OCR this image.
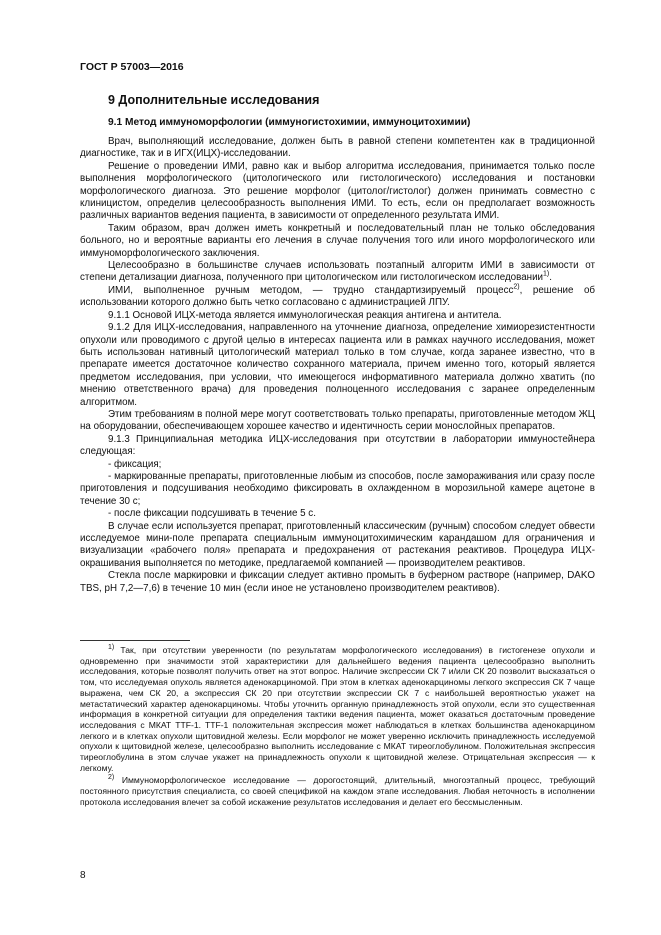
ГОСТ Р 57003—2016
9 Дополнительные исследования
9.1 Метод иммуноморфологии (иммуногистохимии, иммуноцитохимии)

Врач, выполняющий исследование, должен быть в равной степени компетентен как в традиционной диагностике, так и в ИГХ(ИЦХ)-исследовании.

Решение о проведении ИМИ, равно как и выбор алгоритма исследования, принимается только после выполнения морфологического (цитологического или гистологического) исследования и постановки морфологического диагноза. Это решение морфолог (цитолог/гистолог) должен принимать совместно с клиницистом, определив целесообразность выполнения ИМИ. То есть, если он предполагает возможность различных вариантов ведения пациента, в зависимости от определенного результата ИМИ.

Таким образом, врач должен иметь конкретный и последовательный план не только обследования больного, но и вероятные варианты его лечения в случае получения того или иного морфологического или иммуноморфологического заключения.

Целесообразно в большинстве случаев использовать поэтапный алгоритм ИМИ в зависимости от степени детализации диагноза, полученного при цитологическом или гистологическом исследовании$^{1)}$.

ИМИ, выполненное ручным методом, — трудно стандартизируемый процесс$^{2)}$, решение об использовании которого должно быть четко согласовано с администрацией ЛПУ.

9.1.1 Основой ИЦХ-метода является иммунологическая реакция антигена и антитела.

9.1.2 Для ИЦХ-исследования, направленного на уточнение диагноза, определение химиорезистентности опухоли или проводимого с другой целью в интересах пациента или в рамках научного исследования, может быть использован нативный цитологический материал только в том случае, когда заранее известно, что в препарате имеется достаточное количество сохранного материала, причем именно того, который является предметом исследования, при условии, что имеющегося информативного материала должно хватить (по мнению ответственного врача) для проведения полноценного исследования с заранее определенным алгоритмом.

Этим требованиям в полной мере могут соответствовать только препараты, приготовленные методом ЖЦ на оборудовании, обеспечивающем хорошее качество и идентичность серии монослойных препаратов.

9.1.3 Принципиальная методика ИЦХ-исследования при отсутствии в лаборатории иммуностейнера следующая:

- фиксация;

- маркированные препараты, приготовленные любым из способов, после замораживания или сразу после приготовления и подсушивания необходимо фиксировать в охлажденном в морозильной камере ацетоне в течение 30 с;

- после фиксации подсушивать в течение 5 с.

В случае если используется препарат, приготовленный классическим (ручным) способом следует обвести исследуемое мини-поле препарата специальным иммуноцитохимическим карандашом для ограничения и визуализации «рабочего поля» препарата и предохранения от растекания реактивов. Процедура ИЦХ-окрашивания выполняется по методике, предлагаемой компанией — производителем реактивов.

Стекла после маркировки и фиксации следует активно промыть в буферном растворе (например, DAKO TBS, pH 7,2—7,6) в течение 10 мин (если иное не установлено производителем реактивов).

$^{1)}$ Так, при отсутствии уверенности (по результатам морфологического исследования) в гистогенезе опухоли и одновременно при значимости этой характеристики для дальнейшего ведения пациента целесообразно выполнить исследования, которые позволят получить ответ на этот вопрос. Наличие экспрессии СК 7 и/или СК 20 позволит высказаться о том, что исследуемая опухоль является аденокарциномой. При этом в клетках аденокарциномы легкого экспрессия СК 7 чаще выражена, чем СК 20, а экспрессия СК 20 при отсутствии экспрессии СК 7 с наибольшей вероятностью укажет на метастатический характер аденокарциномы. Чтобы уточнить органную принадлежность этой опухоли, если это существенная информация в конкретной ситуации для определения тактики ведения пациента, может оказаться достаточным проведение исследования с МКАТ TTF-1. TTF-1 положительная экспрессия может наблюдаться в клетках большинства аденокарцином легкого и в клетках опухоли щитовидной железы. Если морфолог не может уверенно исключить принадлежность исследуемой опухоли к щитовидной железе, целесообразно выполнить исследование с МКАТ тиреоглобулином. Положительная экспрессия тиреоглобулина в этом случае укажет на принадлежность опухоли к щитовидной железе. Отрицательная экспрессия — к легкому.

$^{2)}$ Иммуноморфологическое исследование — дорогостоящий, длительный, многоэтапный процесс, требующий постоянного присутствия специалиста, со своей спецификой на каждом этапе исследования. Любая неточность в исполнении протокола исследования влечет за собой искажение результатов исследования и делает его бессмысленным.

8
